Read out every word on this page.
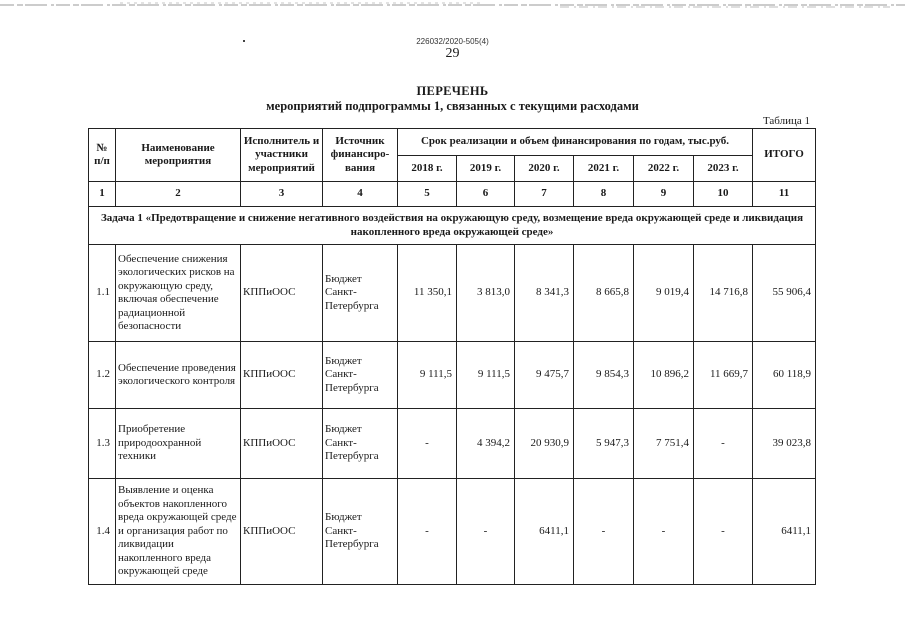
226032/2020-505(4)
29
ПЕРЕЧЕНЬ
мероприятий подпрограммы 1, связанных с текущими расходами
Таблица 1
№ п/п	Наименование мероприятия	Исполнитель и участники мероприятий	Источник финансиро-вания	Срок реализации и объем финансирования по годам, тыс.руб.						ИТОГО
				2018 г.	2019 г.	2020 г.	2021 г.	2022 г.	2023 г.	
1	2	3	4	5	6	7	8	9	10	11
Задача 1 «Предотвращение и снижение негативного воздействия на окружающую среду, возмещение вреда окружающей среде и ликвидация накопленного вреда окружающей среде»										
1.1	Обеспечение снижения экологических рисков на окружающую среду, включая обеспечение радиационной безопасности	КППиООС	Бюджет Санкт-Петербурга	11 350,1	3 813,0	8 341,3	8 665,8	9 019,4	14 716,8	55 906,4
1.2	Обеспечение проведения экологического контроля	КППиООС	Бюджет Санкт-Петербурга	9 111,5	9 111,5	9 475,7	9 854,3	10 896,2	11 669,7	60 118,9
1.3	Приобретение природоохранной техники	КППиООС	Бюджет Санкт-Петербурга	-	4 394,2	20 930,9	5 947,3	7 751,4	-	39 023,8
1.4	Выявление и оценка объектов накопленного вреда окружающей среде и организация работ по ликвидации накопленного вреда окружающей среде	КППиООС	Бюджет Санкт-Петербурга	-	-	6411,1	-	-	-	6411,1
